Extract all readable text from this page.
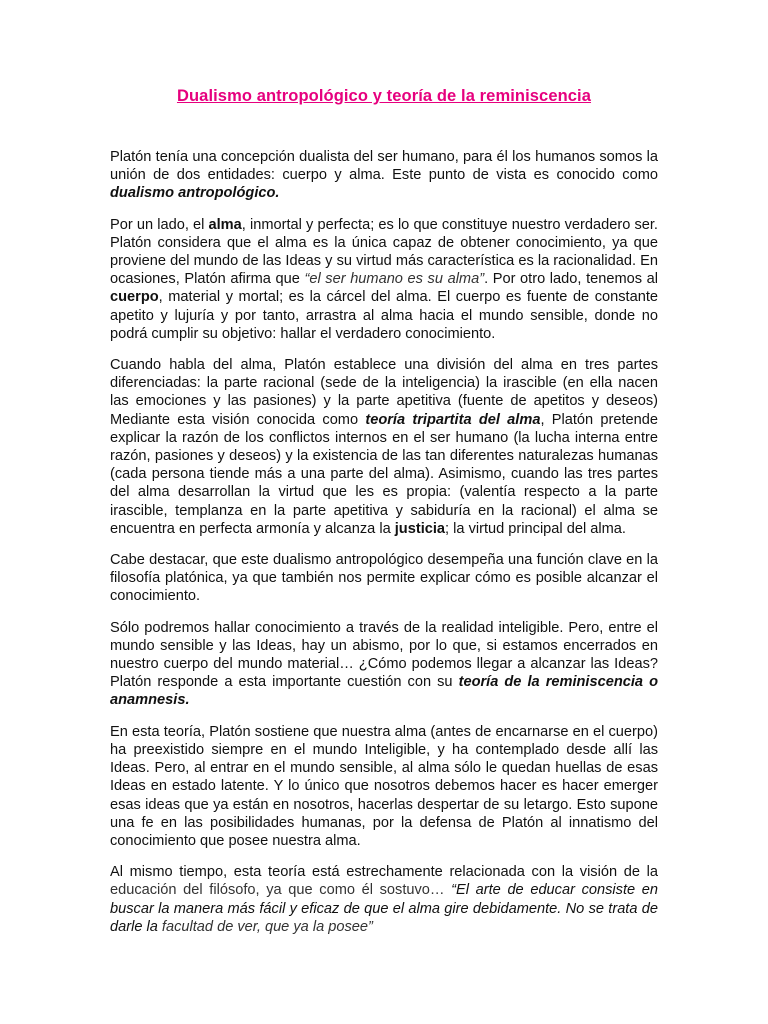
Dualismo antropológico y teoría de la reminiscencia

Platón tenía una concepción dualista del ser humano, para él los humanos somos la unión de dos entidades: cuerpo y alma. Este punto de vista es conocido como dualismo antropológico.

Por un lado, el alma, inmortal y perfecta; es lo que constituye nuestro verdadero ser. Platón considera que el alma es la única capaz de obtener conocimiento, ya que proviene del mundo de las Ideas y su virtud más característica es la racionalidad. En ocasiones, Platón afirma que “el ser humano es su alma”. Por otro lado, tenemos al cuerpo, material y mortal; es la cárcel del alma. El cuerpo es fuente de constante apetito y lujuría y por tanto, arrastra al alma hacia el mundo sensible, donde no podrá cumplir su objetivo: hallar el verdadero conocimiento.

Cuando habla del alma, Platón establece una división del alma en tres partes diferenciadas: la parte racional (sede de la inteligencia) la irascible (en ella nacen las emociones y las pasiones) y la parte apetitiva (fuente de apetitos y deseos) Mediante esta visión conocida como teoría tripartita del alma, Platón pretende explicar la razón de los conflictos internos en el ser humano (la lucha interna entre razón, pasiones y deseos) y la existencia de las tan diferentes naturalezas humanas (cada persona tiende más a una parte del alma). Asimismo, cuando las tres partes del alma desarrollan la virtud que les es propia: (valentía respecto a la parte irascible, templanza en la parte apetitiva y sabiduría en la racional) el alma se encuentra en perfecta armonía y alcanza la justicia; la virtud principal del alma.

Cabe destacar, que este dualismo antropológico desempeña una función clave en la filosofía platónica, ya que también nos permite explicar cómo es posible alcanzar el conocimiento.

Sólo podremos hallar conocimiento a través de la realidad inteligible. Pero, entre el mundo sensible y las Ideas, hay un abismo, por lo que, si estamos encerrados en nuestro cuerpo del mundo material… ¿Cómo podemos llegar a alcanzar las Ideas? Platón responde a esta importante cuestión con su teoría de la reminiscencia o anamnesis.

En esta teoría, Platón sostiene que nuestra alma (antes de encarnarse en el cuerpo) ha preexistido siempre en el mundo Inteligible, y ha contemplado desde allí las Ideas. Pero, al entrar en el mundo sensible, al alma sólo le quedan huellas de esas Ideas en estado latente. Y lo único que nosotros debemos hacer es hacer emerger esas ideas que ya están en nosotros, hacerlas despertar de su letargo. Esto supone una fe en las posibilidades humanas, por la defensa de Platón al innatismo del conocimiento que posee nuestra alma.

Al mismo tiempo, esta teoría está estrechamente relacionada con la visión de la educación del filósofo, ya que como él sostuvo… “El arte de educar consiste en buscar la manera más fácil y eficaz de que el alma gire debidamente. No se trata de darle la facultad de ver, que ya la posee”
